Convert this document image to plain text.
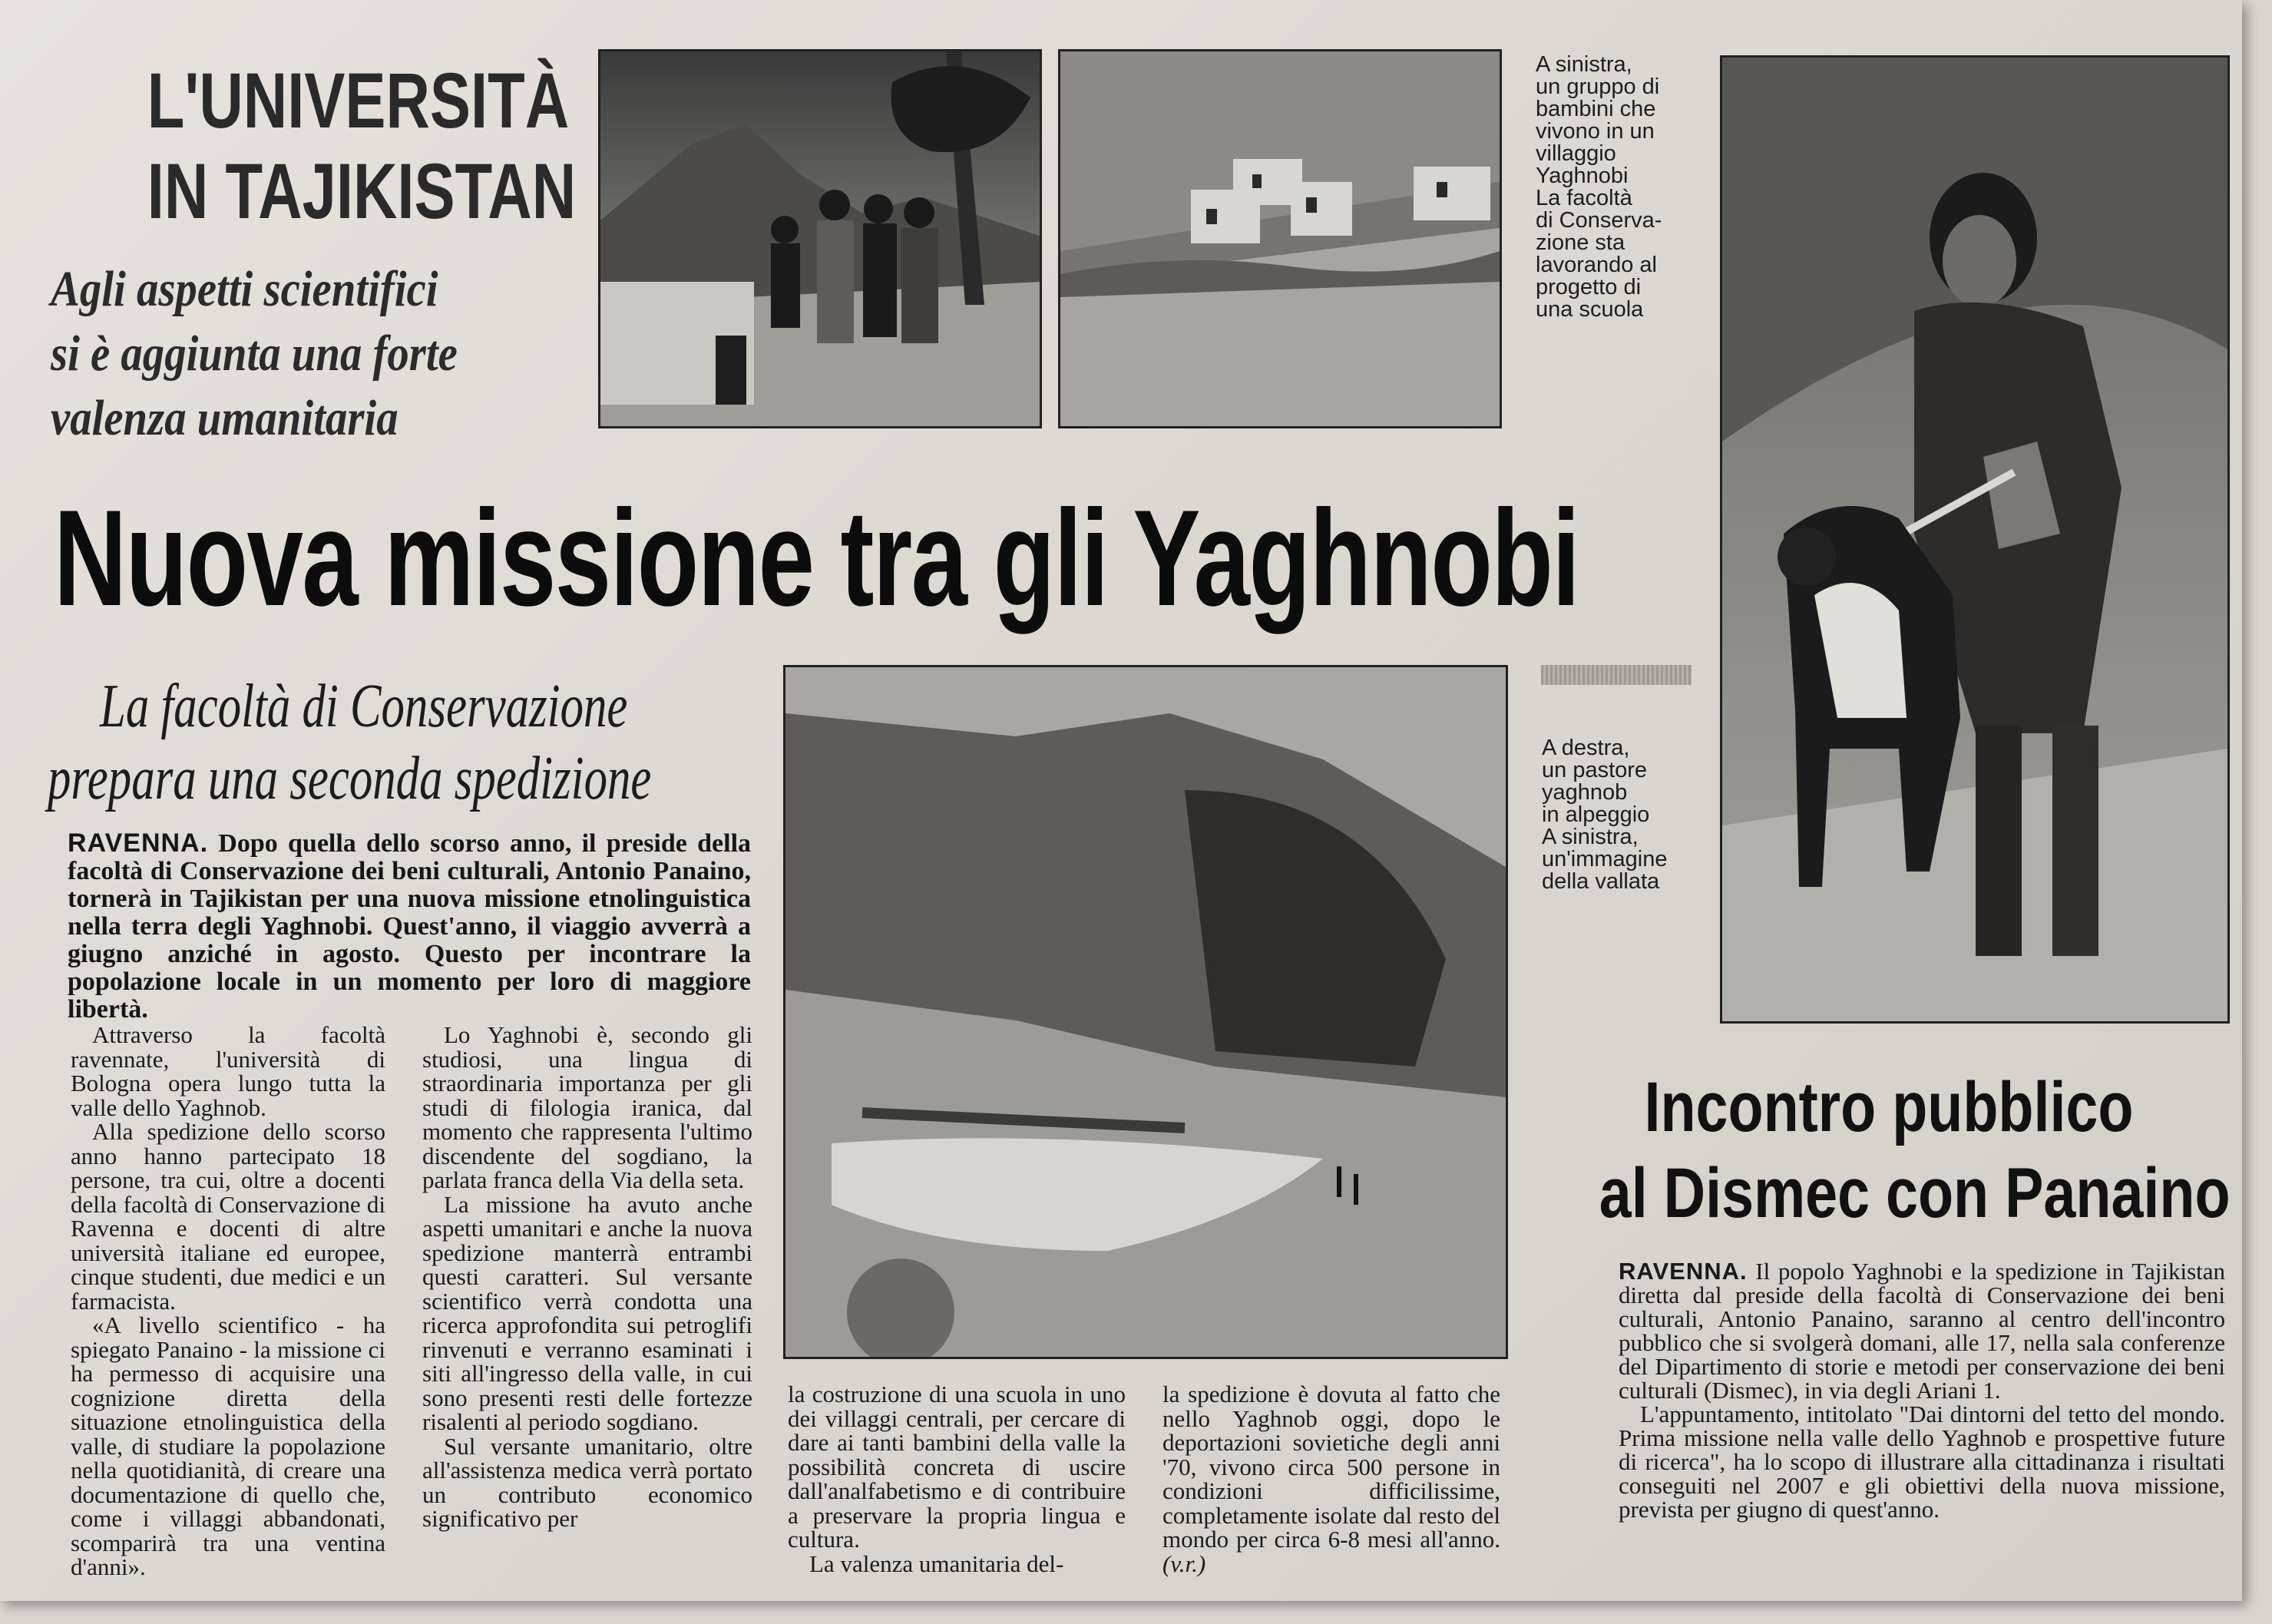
L'UNIVERSITÀ
IN TAJIKISTAN
Agli aspetti scientifici
si è aggiunta una forte
valenza umanitaria
A sinistra,
un gruppo di
bambini che
vivono in un
villaggio
Yaghnobi
La facoltà
di Conserva-
zione sta
lavorando al
progetto di
una scuola
Nuova missione tra gli Yaghnobi
La facoltà di Conservazione
prepara una seconda spedizione	A destra,
un pastore
yaghnob
in alpeggio
A sinistra,
un'immagine
della vallata
RAVENNA. Dopo quella dello scorso anno, il preside della facoltà di Conservazione dei beni culturali, Antonio Panaino, tornerà in Tajikistan per una nuova missione etnolinguistica nella terra degli Yaghnobi. Quest'anno, il viaggio avverrà a giugno anziché in agosto. Questo per incontrare la popolazione locale in un momento per loro di maggiore libertà.

Attraverso la facoltà ravennate, l'università di Bologna opera lungo tutta la valle dello Yaghnob.

Alla spedizione dello scorso anno hanno partecipato 18 persone, tra cui, oltre a docenti della facoltà di Conservazione di Ravenna e docenti di altre università italiane ed europee, cinque studenti, due medici e un farmacista.

«A livello scientifico - ha spiegato Panaino - la missione ci ha permesso di acquisire una cognizione diretta della situazione etnolinguistica della valle, di studiare la popolazione nella quotidianità, di creare una documentazione di quello che, come i villaggi abbandonati, scomparirà tra una ventina d'anni».

Lo Yaghnobi è, secondo gli studiosi, una lingua di straordinaria importanza per gli studi di filologia iranica, dal momento che rappresenta l'ultimo discendente del sogdiano, la parlata franca della Via della seta.

La missione ha avuto anche aspetti umanitari e anche la nuova spedizione manterrà entrambi questi caratteri. Sul versante scientifico verrà condotta una ricerca approfondita sui petroglifi rinvenuti e verranno esaminati i siti all'ingresso della valle, in cui sono presenti resti delle fortezze risalenti al periodo sogdiano.

Sul versante umanitario, oltre all'assistenza medica verrà portato un contributo economico significativo per

la costruzione di una scuola in uno dei villaggi centrali, per cercare di dare ai tanti bambini della valle la possibilità concreta di uscire dall'analfabetismo e di contribuire a preservare la propria lingua e cultura.

La valenza umanitaria del-

la spedizione è dovuta al fatto che nello Yaghnob oggi, dopo le deportazioni sovietiche degli anni '70, vivono circa 500 persone in condizioni difficilissime, completamente isolate dal resto del mondo per circa 6-8 mesi all'anno. (v.r.)

Incontro pubblico
al Dismec con Panaino

RAVENNA. Il popolo Yaghnobi e la spedizione in Tajikistan diretta dal preside della facoltà di Conservazione dei beni culturali, Antonio Panaino, saranno al centro dell'incontro pubblico che si svolgerà domani, alle 17, nella sala conferenze del Dipartimento di storie e metodi per conservazione dei beni culturali (Dismec), in via degli Ariani 1.

L'appuntamento, intitolato "Dai dintorni del tetto del mondo. Prima missione nella valle dello Yaghnob e prospettive future di ricerca", ha lo scopo di illustrare alla cittadinanza i risultati conseguiti nel 2007 e gli obiettivi della nuova missione, prevista per giugno di quest'anno.
